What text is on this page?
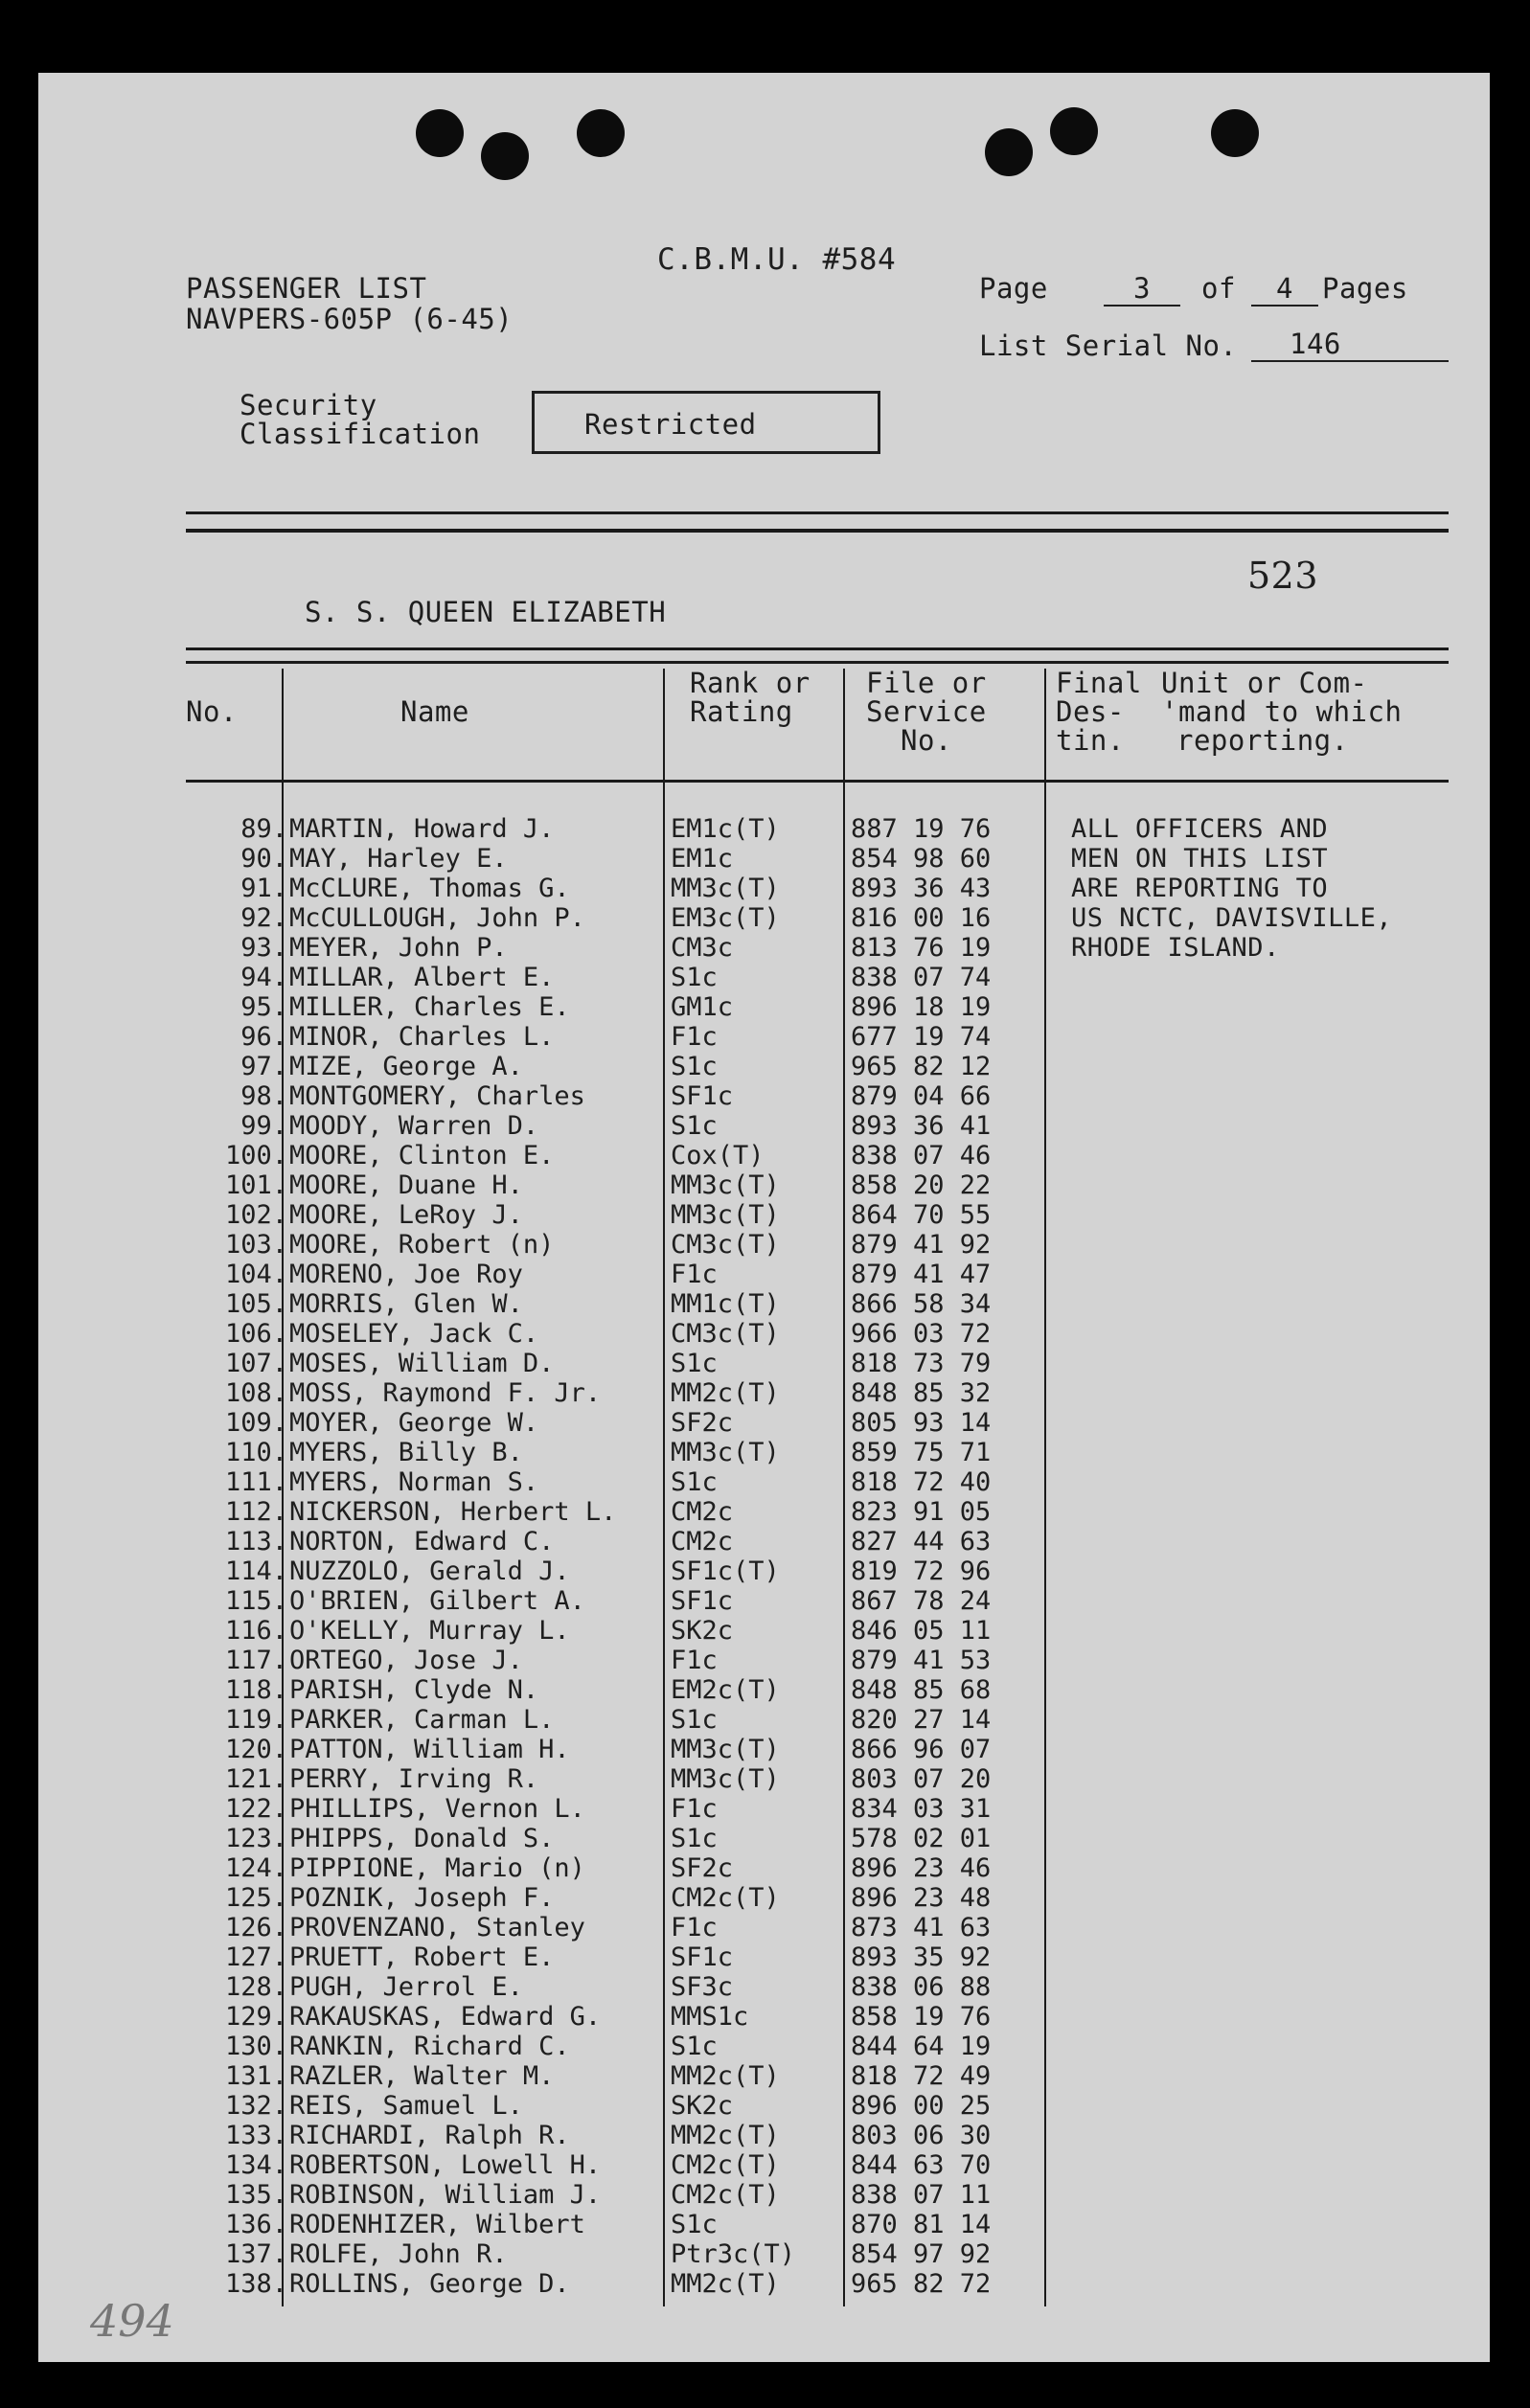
PASSENGER LIST
NAVPERS-605P (6-45)
C.B.M.U. #584
Page	3	of	4	Pages
List Serial No.	146
Security
Classification	Restricted
523
S. S. QUEEN ELIZABETH
No.	Name
Rank or
Rating
File or
Service
No.
Final
Des-
tin.
Unit or Com-
'mand to which
reporting.
ALL OFFICERS AND
MEN ON THIS LIST
ARE REPORTING TO
US NCTC, DAVISVILLE,
RHODE ISLAND.
89. MARTIN, Howard J.	EM1c(T)	887 19 76
90. MAY, Harley E.	EM1c	854 98 60
91. McCLURE, Thomas G.	MM3c(T)	893 36 43
92. McCULLOUGH, John P.	EM3c(T)	816 00 16
93. MEYER, John P.	CM3c	813 76 19
94. MILLAR, Albert E.	S1c	838 07 74
95. MILLER, Charles E.	GM1c	896 18 19
96. MINOR, Charles L.	F1c	677 19 74
97. MIZE, George A.	S1c	965 82 12
98. MONTGOMERY, Charles	SF1c	879 04 66
99. MOODY, Warren D.	S1c	893 36 41
100. MOORE, Clinton E.	Cox(T)	838 07 46
101. MOORE, Duane H.	MM3c(T)	858 20 22
102. MOORE, LeRoy J.	MM3c(T)	864 70 55
103. MOORE, Robert (n)	CM3c(T)	879 41 92
104. MORENO, Joe Roy	F1c	879 41 47
105. MORRIS, Glen W.	MM1c(T)	866 58 34
106. MOSELEY, Jack C.	CM3c(T)	966 03 72
107. MOSES, William D.	S1c	818 73 79
108. MOSS, Raymond F. Jr.	MM2c(T)	848 85 32
109. MOYER, George W.	SF2c	805 93 14
110. MYERS, Billy B.	MM3c(T)	859 75 71
111. MYERS, Norman S.	S1c	818 72 40
112. NICKERSON, Herbert L. CM2c	823 91 05
113. NORTON, Edward C.	CM2c	827 44 63
114. NUZZOLO, Gerald J.	SF1c(T)	819 72 96
115. O'BRIEN, Gilbert A.	SF1c	867 78 24
116. O'KELLY, Murray L.	SK2c	846 05 11
117. ORTEGO, Jose J.	F1c	879 41 53
118. PARISH, Clyde N.	EM2c(T)	848 85 68
119. PARKER, Carman L.	S1c	820 27 14
120. PATTON, William H.	MM3c(T)	866 96 07
121. PERRY, Irving R.	MM3c(T)	803 07 20
122. PHILLIPS, Vernon L.	F1c	834 03 31
123. PHIPPS, Donald S.	S1c	578 02 01
124. PIPPIONE, Mario (n)	SF2c	896 23 46
125. POZNIK, Joseph F.	CM2c(T)	896 23 48
126. PROVENZANO, Stanley	F1c	873 41 63
127. PRUETT, Robert E.	SF1c	893 35 92
128. PUGH, Jerrol E.	SF3c	838 06 88
129. RAKAUSKAS, Edward G.	MMS1c	858 19 76
130. RANKIN, Richard C.	S1c	844 64 19
131. RAZLER, Walter M.	MM2c(T)	818 72 49
132. REIS, Samuel L.	SK2c	896 00 25
133. RICHARDI, Ralph R.	MM2c(T)	803 06 30
134. ROBERTSON, Lowell H.	CM2c(T)	844 63 70
135. ROBINSON, William J.	CM2c(T)	838 07 11
136. RODENHIZER, Wilbert	S1c	870 81 14
137. ROLFE, John R.	Ptr3c(T) 854 97 92
138. ROLLINS, George D.	MM2c(T)	965 82 72
494
